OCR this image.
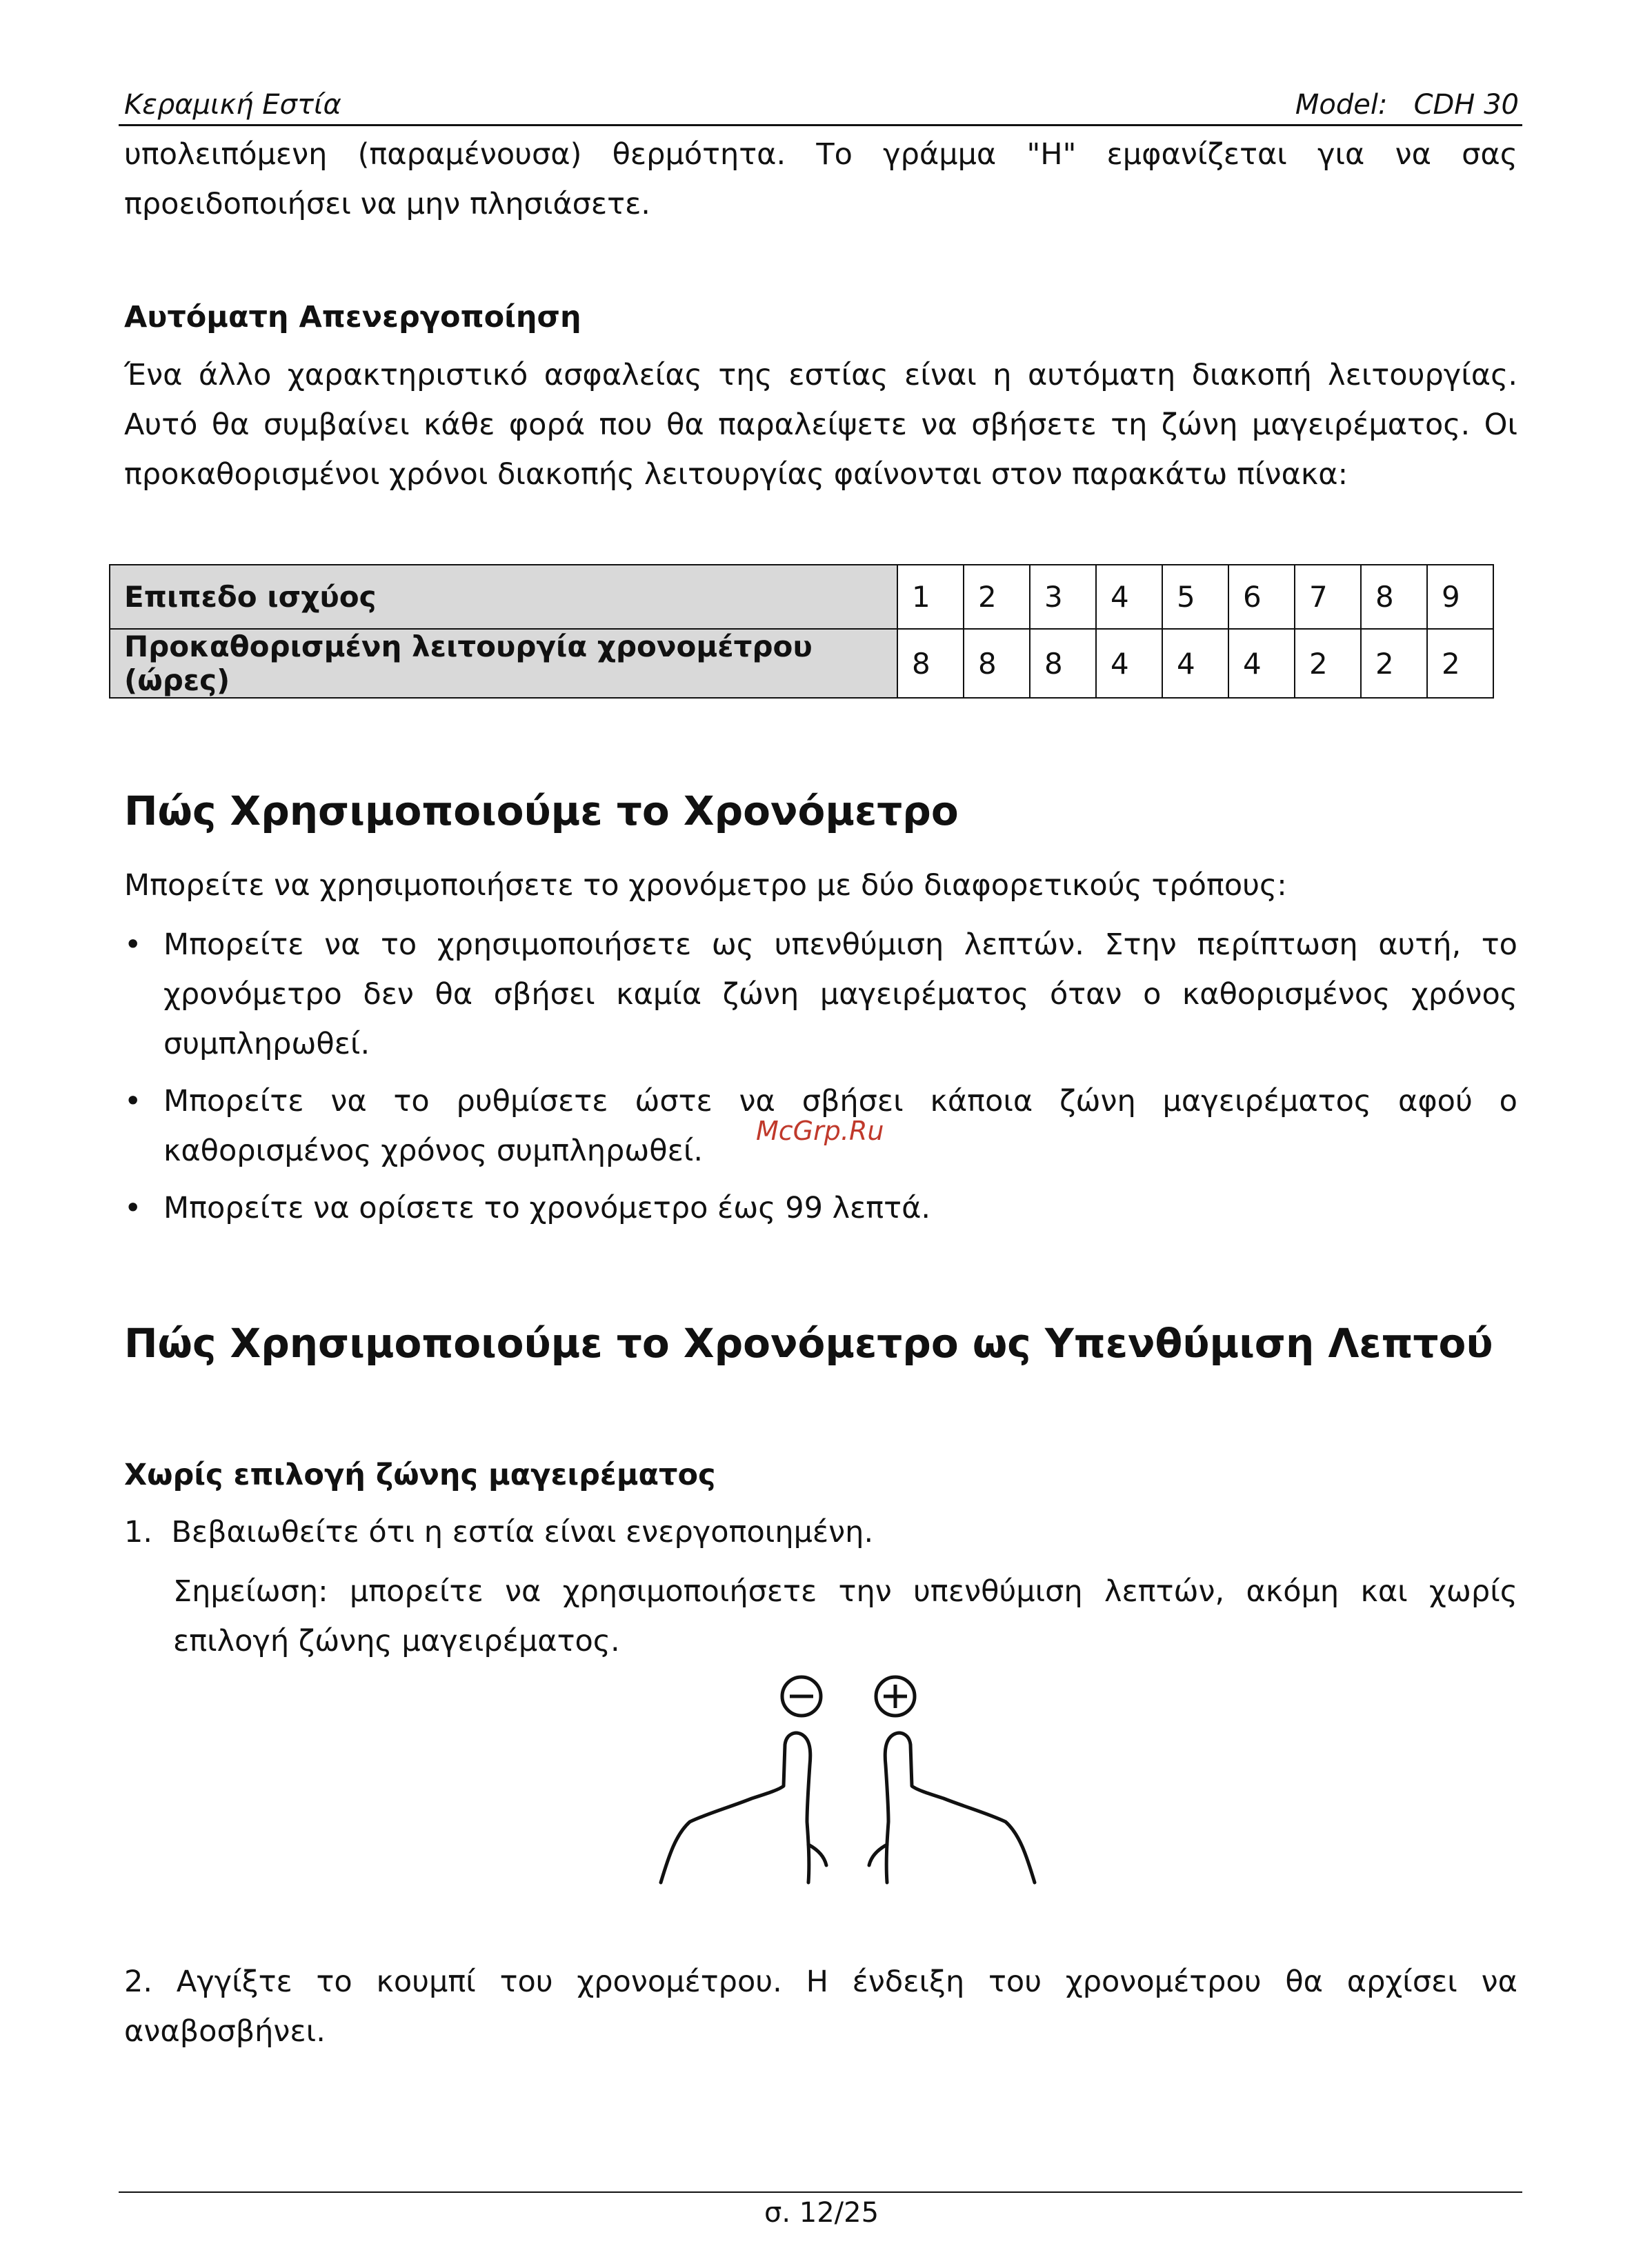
Κεραμική Εστία	Model:   CDH 30

υπολειπόμενη (παραμένουσα) θερμότητα. Το γράμμα "H" εμφανίζεται για να σας προειδοποιήσει να μην πλησιάσετε.

Αυτόματη Απενεργοποίηση

Ένα άλλο χαρακτηριστικό ασφαλείας της εστίας είναι η αυτόματη διακοπή λειτουργίας. Αυτό θα συμβαίνει κάθε φορά που θα παραλείψετε να σβήσετε τη ζώνη μαγειρέματος. Οι προκαθορισμένοι χρόνοι διακοπής λειτουργίας φαίνονται στον παρακάτω πίνακα:

Επιπεδο ισχύος	1	2	3	4	5	6	7	8	9
Προκαθορισμένη λειτουργία χρονομέτρου (ώρες)	8	8	8	4	4	4	2	2	2
Πώς Χρησιμοποιούμε το Χρονόμετρο

Μπορείτε να χρησιμοποιήσετε το χρονόμετρο με δύο διαφορετικούς τρόπους:

• Μπορείτε να το χρησιμοποιήσετε ως υπενθύμιση λεπτών. Στην περίπτωση αυτή, το χρονόμετρο δεν θα σβήσει καμία ζώνη μαγειρέματος όταν ο καθορισμένος χρόνος συμπληρωθεί.
• Μπορείτε να το ρυθμίσετε ώστε να σβήσει κάποια ζώνη μαγειρέματος αφού ο καθορισμένος χρόνος συμπληρωθεί.
• Μπορείτε να ορίσετε το χρονόμετρο έως 99 λεπτά.
McGrp.Ru
Πώς Χρησιμοποιούμε το Χρονόμετρο ως Υπενθύμιση Λεπτού

Χωρίς επιλογή ζώνης μαγειρέματος

1.  Βεβαιωθείτε ότι η εστία είναι ενεργοποιημένη.

Σημείωση: μπορείτε να χρησιμοποιήσετε την υπενθύμιση λεπτών, ακόμη και χωρίς επιλογή ζώνης μαγειρέματος.

2. Αγγίξτε το κουμπί του χρονομέτρου. Η ένδειξη του χρονομέτρου θα αρχίσει να αναβοσβήνει.

σ. 12/25
